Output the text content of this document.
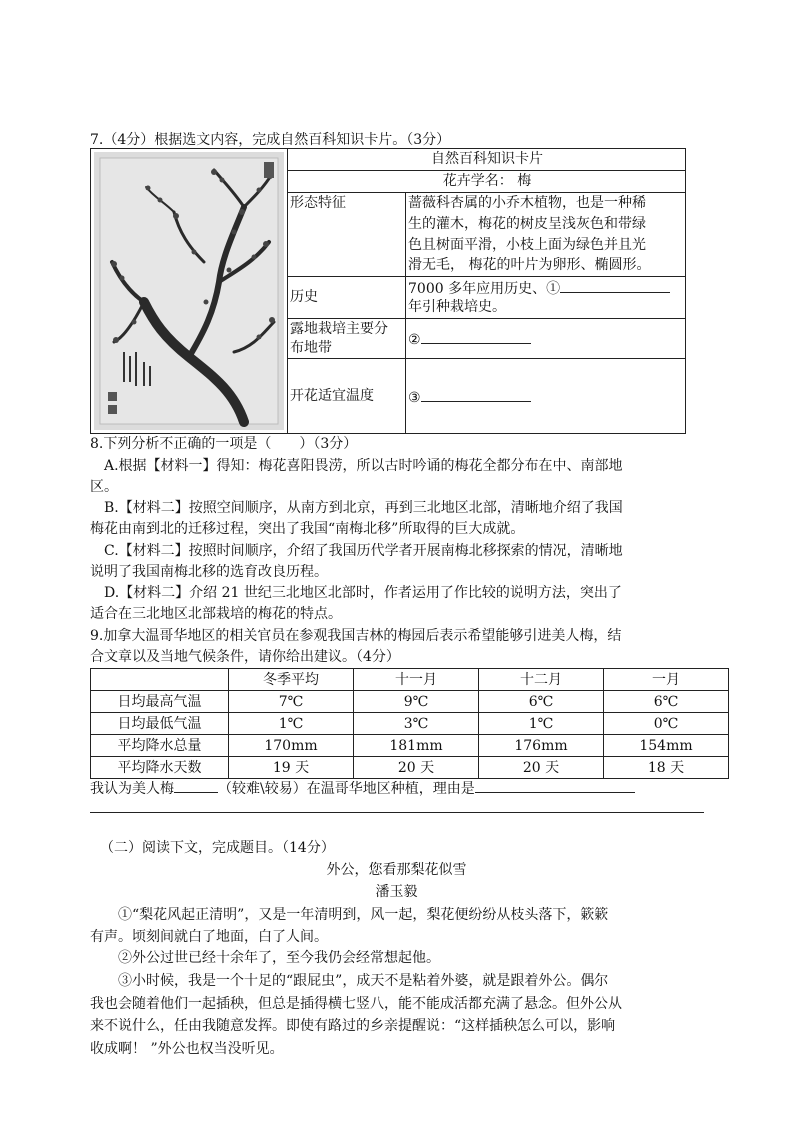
7.（4分）根据选文内容，完成自然百科知识卡片。（3分）
自然百科知识卡片
花卉学名： 梅
形态特征	蔷薇科杏属的小乔木植物，也是一种稀
生的灌木，梅花的树皮呈浅灰色和带绿
色且树面平滑，小枝上面为绿色并且光
滑无毛， 梅花的叶片为卵形、椭圆形。
历史	7000 多年应用历史、①
年引种栽培史。
露地栽培主要分
布地带	②
开花适宜温度 ③
8.下列分析不正确的一项是（　　）（3分）
A.根据【材料一】得知：梅花喜阳畏涝，所以古时吟诵的梅花全都分布在中、南部地
区。
B.【材料二】按照空间顺序，从南方到北京，再到三北地区北部，清晰地介绍了我国
梅花由南到北的迁移过程，突出了我国“南梅北移”所取得的巨大成就。
C.【材料二】按照时间顺序，介绍了我国历代学者开展南梅北移探索的情况，清晰地
说明了我国南梅北移的选育改良历程。
D.【材料二】介绍 21 世纪三北地区北部时，作者运用了作比较的说明方法，突出了
适合在三北地区北部栽培的梅花的特点。
9.加拿大温哥华地区的相关官员在参观我国吉林的梅园后表示希望能够引进美人梅，结
合文章以及当地气候条件，请你给出建议。（4分）
	冬季平均	十一月	十二月	一月
日均最高气温	7℃	9℃	6℃	6℃
日均最低气温	1℃	3℃	1℃	0℃
平均降水总量	170mm	181mm	176mm	154mm
平均降水天数	19 天	20 天	20 天	18 天
我认为美人梅	（较难\较易）在温哥华地区种植，理由是
（二）阅读下文，完成题目。（14分）
外公，您看那梨花似雪
潘玉毅
①“梨花风起正清明”，又是一年清明到，风一起，梨花便纷纷从枝头落下，簌簌
有声。顷刻间就白了地面，白了人间。
②外公过世已经十余年了，至今我仍会经常想起他。
③小时候，我是一个十足的“跟屁虫”，成天不是粘着外婆，就是跟着外公。偶尔
我也会随着他们一起插秧，但总是插得横七竖八，能不能成活都充满了悬念。但外公从
来不说什么，任由我随意发挥。即使有路过的乡亲提醒说：“这样插秧怎么可以，影响
收成啊！ ”外公也权当没听见。
